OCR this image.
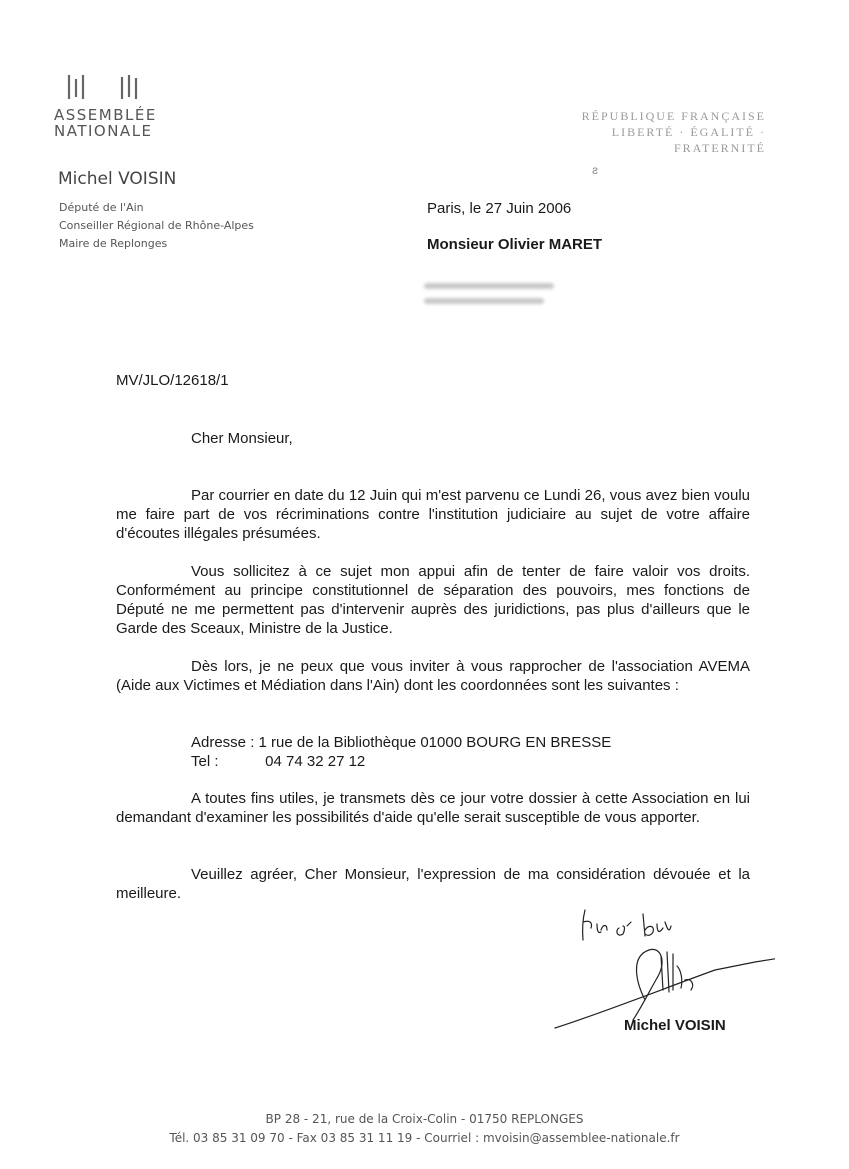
ASSEMBLÉE
NATIONALE
RÉPUBLIQUE FRANÇAISE
LIBERTÉ · ÉGALITÉ · FRATERNITÉ
ƨ
Michel VOISIN
Député de l'Ain
Conseiller Régional de Rhône-Alpes
Maire de Replonges
Paris, le 27 Juin 2006
Monsieur Olivier MARET
MV/JLO/12618/1
Cher Monsieur,
Par courrier en date du 12 Juin qui m'est parvenu ce Lundi 26, vous avez bien voulu me faire part de vos récriminations contre l'institution judiciaire au sujet de votre affaire d'écoutes illégales présumées.
Vous sollicitez à ce sujet mon appui afin de tenter de faire valoir vos droits. Conformément au principe constitutionnel de séparation des pouvoirs, mes fonctions de Député ne me permettent pas d'intervenir auprès des juridictions, pas plus d'ailleurs que le Garde des Sceaux, Ministre de la Justice.
Dès lors, je ne peux que vous inviter à vous rapprocher de l'association AVEMA (Aide aux Victimes et Médiation dans l'Ain) dont les coordonnées sont les suivantes :
Adresse : 1 rue de la Bibliothèque 01000 BOURG EN BRESSE
Tel :	04 74 32 27 12
A toutes fins utiles, je transmets dès ce jour votre dossier à cette Association en lui demandant d'examiner les possibilités d'aide qu'elle serait susceptible de vous apporter.
Veuillez agréer, Cher Monsieur, l'expression de ma considération dévouée et la meilleure.
Michel VOISIN
BP 28 - 21, rue de la Croix-Colin - 01750 REPLONGES
Tél. 03 85 31 09 70 - Fax 03 85 31 11 19 - Courriel : mvoisin@assemblee-nationale.fr
